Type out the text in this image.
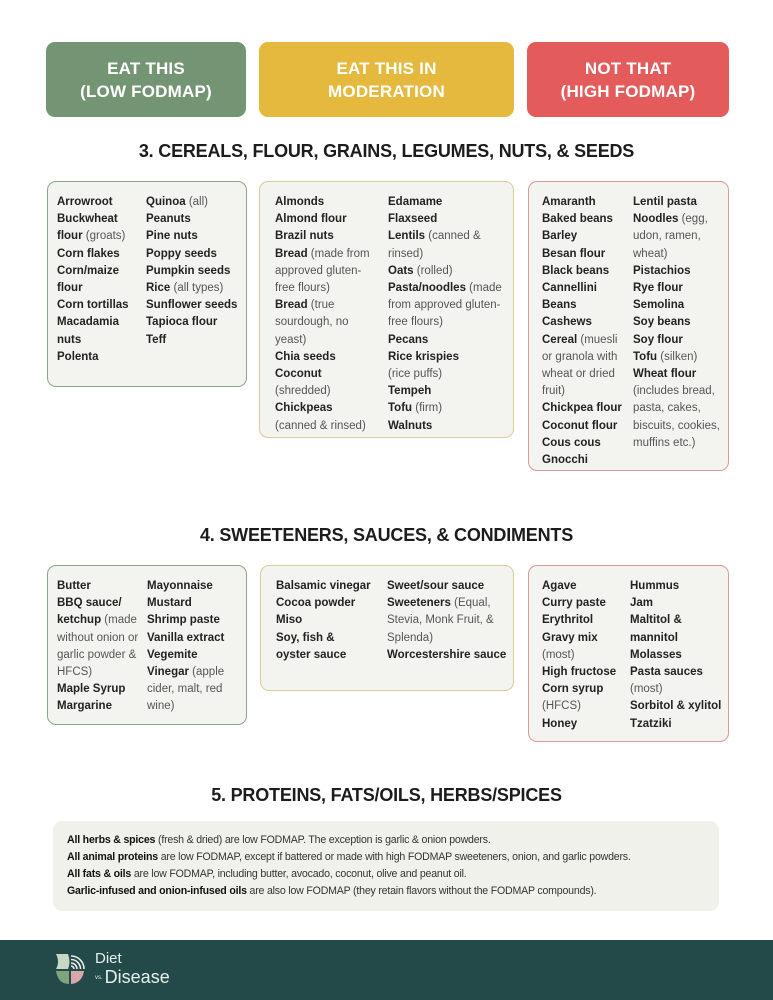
EAT THIS
(LOW FODMAP)
EAT THIS IN
MODERATION
NOT THAT
(HIGH FODMAP)
3. CEREALS, FLOUR, GRAINS, LEGUMES, NUTS, & SEEDS
Arrowroot
Buckwheat
flour (groats)
Corn flakes
Corn/maize
flour
Corn tortillas
Macadamia
nuts
Polenta
Quinoa (all)
Peanuts
Pine nuts
Poppy seeds
Pumpkin seeds
Rice (all types)
Sunflower seeds
Tapioca flour
Teff
Almonds
Almond flour
Brazil nuts
Bread (made from
approved gluten-
free flours)
Bread (true
sourdough, no
yeast)
Chia seeds
Coconut
(shredded)
Chickpeas
(canned & rinsed)
Edamame
Flaxseed
Lentils (canned &
rinsed)
Oats (rolled)
Pasta/noodles (made
from approved gluten-
free flours)
Pecans
Rice krispies
(rice puffs)
Tempeh
Tofu (firm)
Walnuts
Amaranth
Baked beans
Barley
Besan flour
Black beans
Cannellini
Beans
Cashews
Cereal (muesli
or granola with
wheat or dried
fruit)
Chickpea flour
Coconut flour
Cous cous
Gnocchi
Lentil pasta
Noodles (egg,
udon, ramen,
wheat)
Pistachios
Rye flour
Semolina
Soy beans
Soy flour
Tofu (silken)
Wheat flour
(includes bread,
pasta, cakes,
biscuits, cookies,
muffins etc.)
4. SWEETENERS, SAUCES, & CONDIMENTS
Butter
BBQ sauce/
ketchup (made
without onion or
garlic powder &
HFCS)
Maple Syrup
Margarine
Mayonnaise
Mustard
Shrimp paste
Vanilla extract
Vegemite
Vinegar (apple
cider, malt, red
wine)
Balsamic vinegar
Cocoa powder
Miso
Soy, fish &
oyster sauce
Sweet/sour sauce
Sweeteners (Equal,
Stevia, Monk Fruit, &
Splenda)
Worcestershire sauce
Agave
Curry paste
Erythritol
Gravy mix
(most)
High fructose
Corn syrup
(HFCS)
Honey
Hummus
Jam
Maltitol &
mannitol
Molasses
Pasta sauces
(most)
Sorbitol & xylitol
Tzatziki
5. PROTEINS, FATS/OILS, HERBS/SPICES
All herbs & spices (fresh & dried) are low FODMAP. The exception is garlic & onion powders.
All animal proteins are low FODMAP, except if battered or made with high FODMAP sweeteners, onion, and garlic powders.
All fats & oils are low FODMAP, including butter, avocado, coconut, olive and peanut oil.
Garlic-infused and onion-infused oils are also low FODMAP (they retain flavors without the FODMAP compounds).
Diet
vs. Disease
